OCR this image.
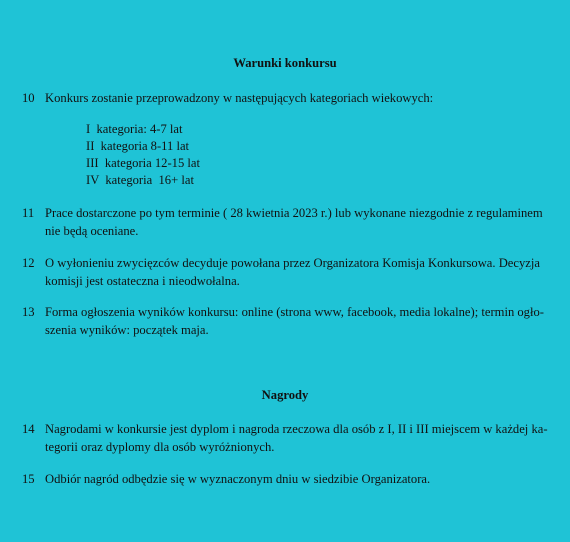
Warunki konkursu
10 Konkurs zostanie przeprowadzony w następujących kategoriach wiekowych:
I  kategoria: 4-7 lat
II  kategoria 8-11 lat
III  kategoria 12-15 lat
IV  kategoria  16+ lat
11 Prace dostarczone po tym terminie ( 28 kwietnia 2023 r.) lub wykonane niezgodnie z regulaminem nie będą oceniane.
12 O wyłonieniu zwycięzców decyduje powołana przez Organizatora Komisja Konkursowa. Decyzja komisji jest ostateczna i nieodwołalna.
13 Forma ogłoszenia wyników konkursu: online (strona www, facebook, media lokalne); termin ogło-szenia wyników: początek maja.
Nagrody
14 Nagrodami w konkursie jest dyplom i nagroda rzeczowa dla osób z I, II i III miejscem w każdej ka-tegorii oraz dyplomy dla osób wyróżnionych.
15 Odbiór nagród odbędzie się w wyznaczonym dniu w siedzibie Organizatora.
